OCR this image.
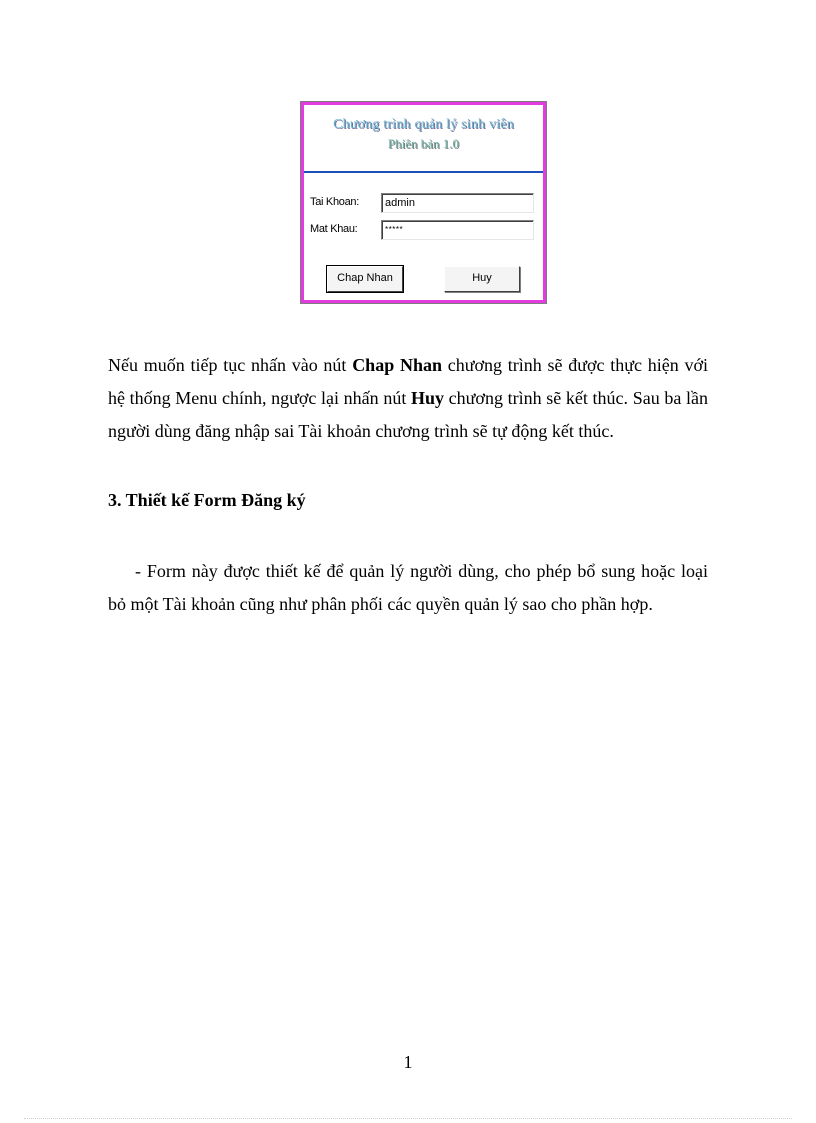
Chương trình quản lý sinh viên
Phiên bản 1.0
Tai Khoan:	admin
Mat Khau:	*****
Chap Nhan	Huy

Nếu muốn tiếp tục nhấn vào nút Chap Nhan chương trình sẽ được thực hiện với hệ thống Menu chính, ngược lại nhấn nút Huy chương trình sẽ kết thúc. Sau ba lần người dùng đăng nhập sai Tài khoản chương trình sẽ tự động kết thúc.

3. Thiết kế Form Đăng ký

- Form này được thiết kế để quản lý người dùng, cho phép bổ sung hoặc loại bỏ một Tài khoản cũng như phân phối các quyền quản lý sao cho phần hợp.

1
